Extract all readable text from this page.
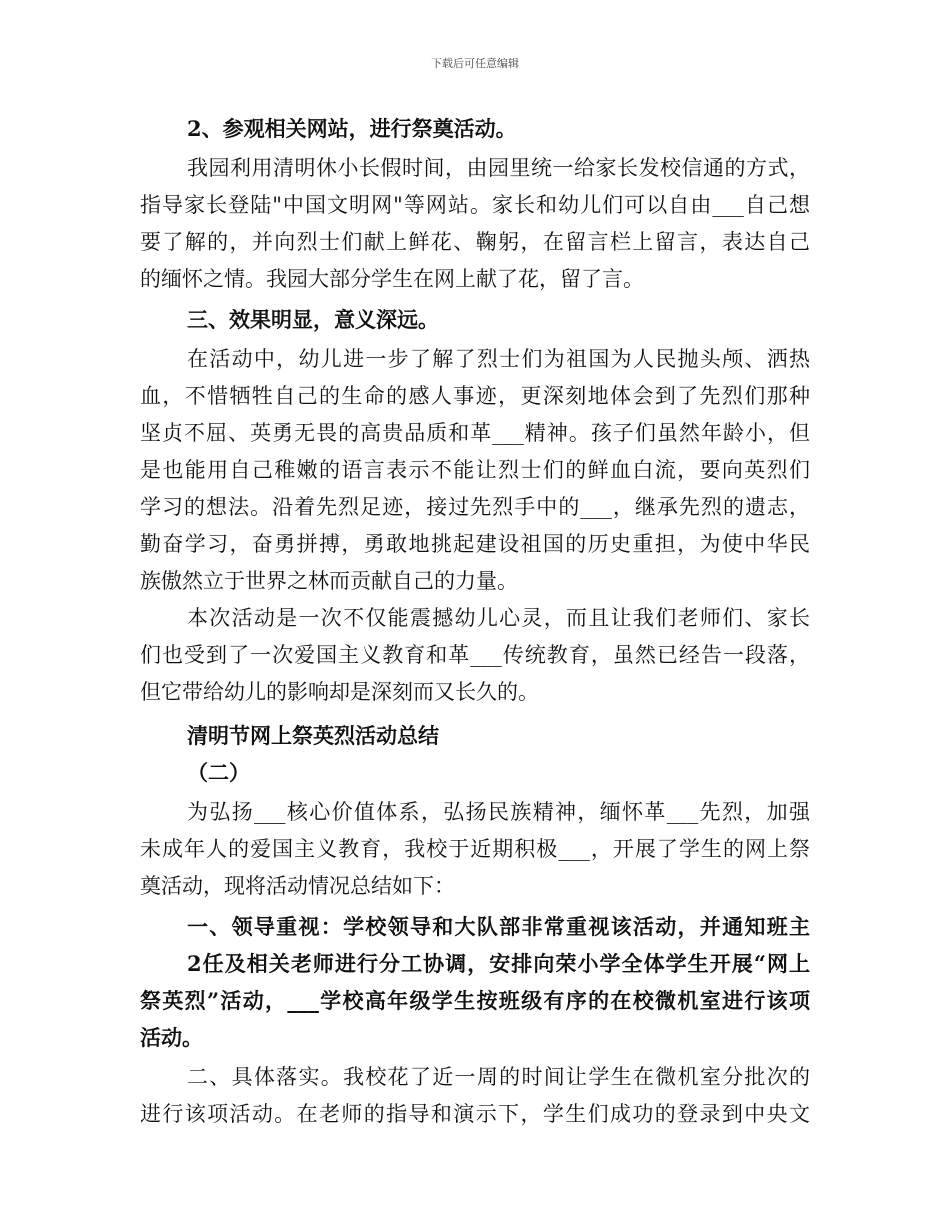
下载后可任意编辑
2、参观相关网站，进行祭奠活动。
我园利用清明休小长假时间，由园里统一给家长发校信通的方式，
指导家长登陆"中国文明网"等网站。家长和幼儿们可以自由___自己想
要了解的，并向烈士们献上鲜花、鞠躬，在留言栏上留言，表达自己
的缅怀之情。我园大部分学生在网上献了花，留了言。
三、效果明显，意义深远。
在活动中，幼儿进一步了解了烈士们为祖国为人民抛头颅、洒热
血，不惜牺牲自己的生命的感人事迹，更深刻地体会到了先烈们那种
坚贞不屈、英勇无畏的高贵品质和革___精神。孩子们虽然年龄小，但
是也能用自己稚嫩的语言表示不能让烈士们的鲜血白流，要向英烈们
学习的想法。沿着先烈足迹，接过先烈手中的___，继承先烈的遗志，
勤奋学习，奋勇拼搏，勇敢地挑起建设祖国的历史重担，为使中华民
族傲然立于世界之林而贡献自己的力量。
本次活动是一次不仅能震撼幼儿心灵，而且让我们老师们、家长
们也受到了一次爱国主义教育和革___传统教育，虽然已经告一段落，
但它带给幼儿的影响却是深刻而又长久的。
清明节网上祭英烈活动总结
（二）
为弘扬___核心价值体系，弘扬民族精神，缅怀革___先烈，加强
未成年人的爱国主义教育，我校于近期积极___，开展了学生的网上祭
奠活动，现将活动情况总结如下：
一、领导重视：学校领导和大队部非常重视该活动，并通知班主
2任及相关老师进行分工协调，安排向荣小学全体学生开展“网上
祭英烈”活动，___学校高年级学生按班级有序的在校微机室进行该项
活动。
二、具体落实。我校花了近一周的时间让学生在微机室分批次的
进行该项活动。在老师的指导和演示下，学生们成功的登录到中央文
